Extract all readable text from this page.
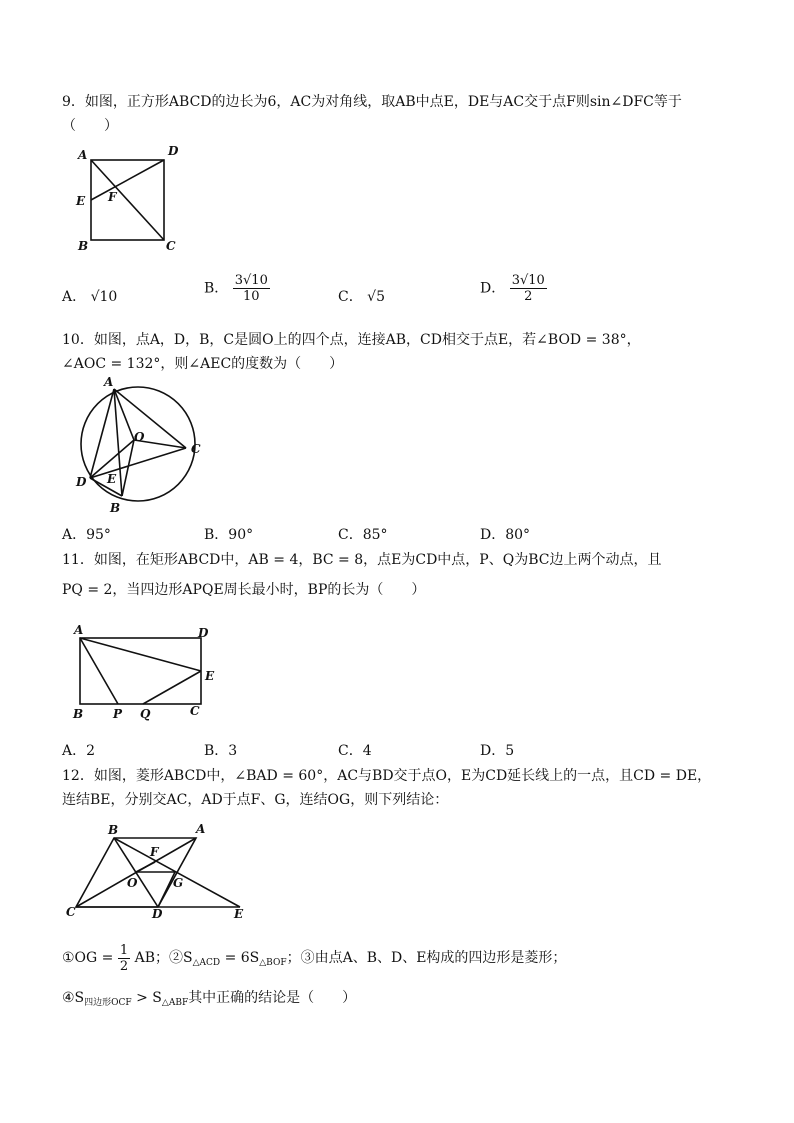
9．如图，正方形ABCD的边长为6，AC为对角线，取AB中点E，DE与AC交于点F则sin∠DFC等于
（　　）
A	D
E F
B	C
A． √10
B． $\frac{3√10}{10}$	C． √5
D． $\frac{3√10}{2}$
10．如图，点A，D，B，C是圆O上的四个点，连接AB，CD相交于点E，若∠BOD = 38°，
∠AOC = 132°，则∠AEC的度数为（　　）
A
O
C
D E
B
A．95°	B．90°	C．85°	D．80°
11．如图，在矩形ABCD中，AB = 4，BC = 8，点E为CD中点，P、Q为BC边上两个动点，且
PQ = 2，当四边形APQE周长最小时，BP的长为（　　）
A	D
E
B P Q	C
A．2	B．3	C．4	D．5
12．如图，菱形ABCD中，∠BAD = 60°，AC与BD交于点O，E为CD延长线上的一点，且CD = DE，
连结BE，分别交AC，AD于点F、G，连结OG，则下列结论：
B	A
F
O	G
C	D	E
①OG = $\frac{1}{2}$ AB；$②S_{\triangle ACD} = 6S_{\triangle BOF}$；③由点A、B、D、E构成的四边形是菱形；
$④S_{四边形OCF} > S_{\triangle ABF}$其中正确的结论是（　　）
